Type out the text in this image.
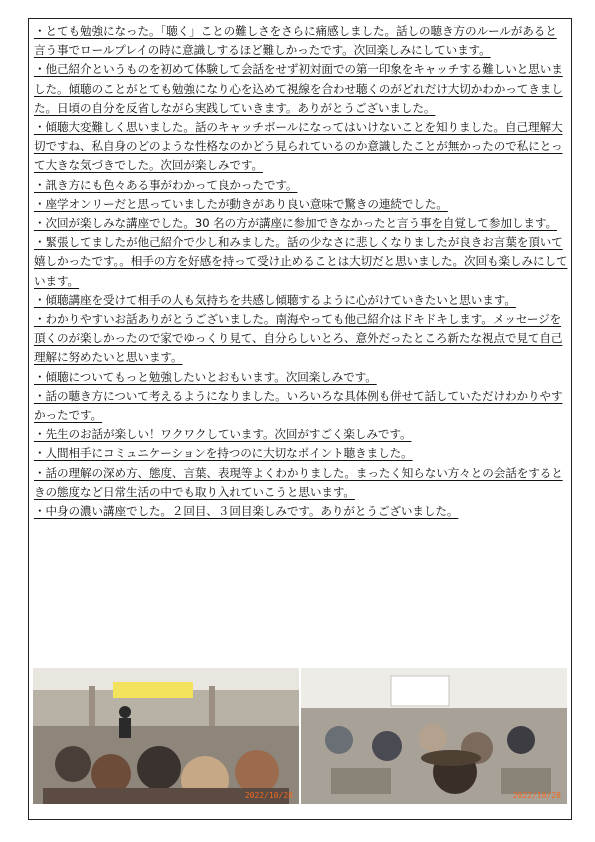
・とても勉強になった。「聴く」ことの難しさをさらに痛感しました。話しの聴き方のルールがあると言う事でロールプレイの時に意識しするほど難しかったです。次回楽しみにしています。
・他己紹介というものを初めて体験して会話をせず初対面での第一印象をキャッチする難しいと思いました。傾聴のことがとても勉強になり心を込めて視線を合わせ聴くのがどれだけ大切かわかってきました。日頃の自分を反省しながら実践していきます。ありがとうございました。
・傾聴大変難しく思いました。話のキャッチボールになってはいけないことを知りました。自己理解大切ですね、私自身のどのような性格なのかどう見られているのか意識したことが無かったので私にとって大きな気づきでした。次回が楽しみです。
・訊き方にも色々ある事がわかって良かったです。
・座学オンリーだと思っていましたが動きがあり良い意味で驚きの連続でした。
・次回が楽しみな講座でした。30 名の方が講座に参加できなかったと言う事を自覚して参加します。
・緊張してましたが他己紹介で少し和みました。話の少なさに悲しくなりましたが良きお言葉を頂いて嬉しかったです。。相手の方を好感を持って受け止めることは大切だと思いました。次回も楽しみにしています。
・傾聴講座を受けて相手の人も気持ちを共感し傾聴するように心がけていきたいと思います。
・わかりやすいお話ありがとうございました。南海やっても他己紹介はドキドキします。メッセージを頂くのが楽しかったので家でゆっくり見て、自分らしいとろ、意外だったところ新たな視点で見て自己理解に努めたいと思います。
・傾聴についてもっと勉強したいとおもいます。次回楽しみです。
・話の聴き方について考えるようになりました。いろいろな具体例も併せて話していただけわかりやすかったです。
・先生のお話が楽しい！ワクワクしています。次回がすごく楽しみです。
・人間相手にコミュニケーションを持つのに大切なポイント聴きました。
・話の理解の深め方、態度、言葉、表現等よくわかりました。まったく知らない方々との会話をするときの態度など日常生活の中でも取り入れていこうと思います。
・中身の濃い講座でした。２回目、３回目楽しみです。ありがとうございました。
2022/10/28	2022/10/28
